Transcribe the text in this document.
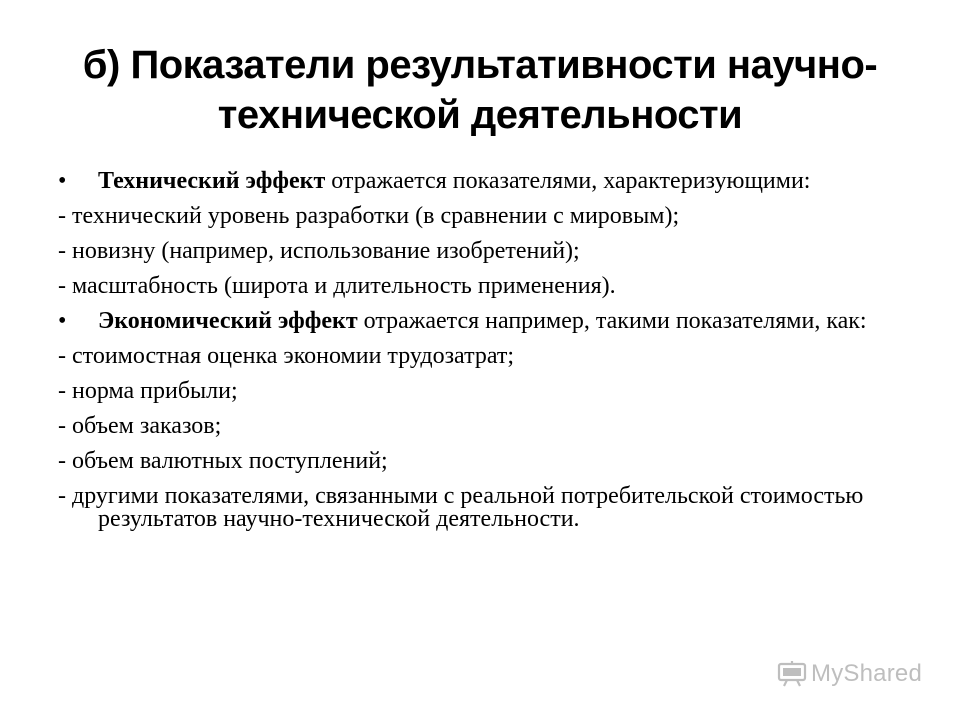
б) Показатели результативности научно-
технической деятельности
•	Технический эффект отражается показателями, характеризующими:
- технический уровень разработки (в сравнении с мировым);
- новизну (например, использование изобретений);
- масштабность (широта и длительность применения).
•	Экономический эффект отражается например, такими показателями, как:
- стоимостная оценка экономии трудозатрат;
- норма прибыли;
- объем заказов;
- объем валютных поступлений;
- другими показателями, связанными с реальной потребительской стоимостью результатов научно-технической деятельности.
MyShared
